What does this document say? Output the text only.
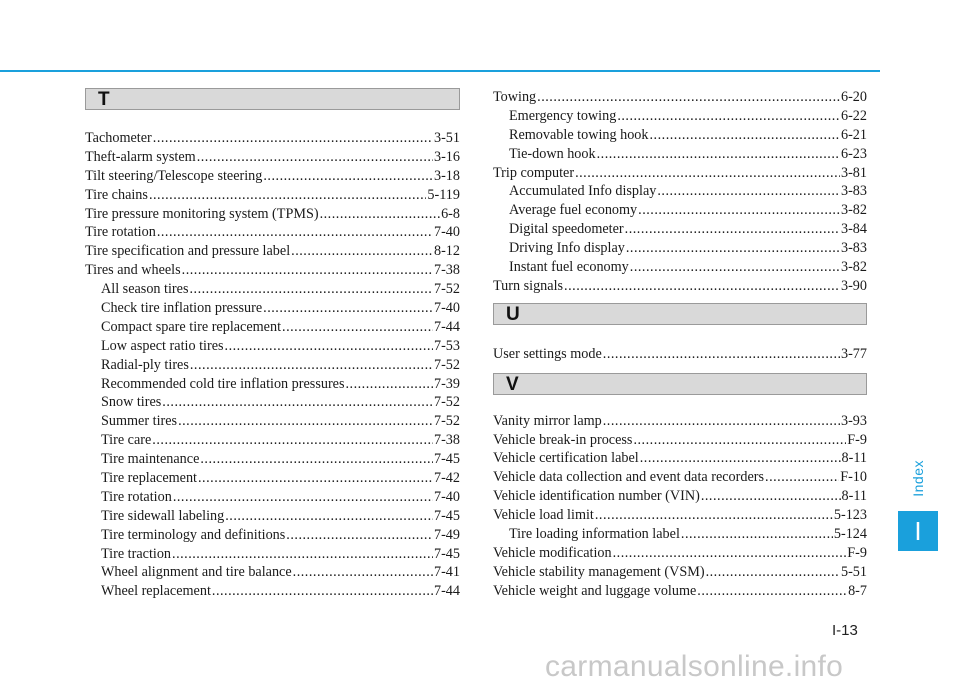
T
Tachometer .....	3-51
Theft-alarm system .....	3-16
Tilt steering/Telescope steering .....	3-18
Tire chains .....	5-119
Tire pressure monitoring system (TPMS) .....	6-8
Tire rotation .....	7-40
Tire specification and pressure label .....	8-12
Tires and wheels .....	7-38
All season tires .....	7-52
Check tire inflation pressure .....	7-40
Compact spare tire replacement .....	7-44
Low aspect ratio tires .....	7-53
Radial-ply tires .....	7-52
Recommended cold tire inflation pressures .....	7-39
Snow tires .....	7-52
Summer tires .....	7-52
Tire care .....	7-38
Tire maintenance .....	7-45
Tire replacement .....	7-42
Tire rotation .....	7-40
Tire sidewall labeling .....	7-45
Tire terminology and definitions .....	7-49
Tire traction .....	7-45
Wheel alignment and tire balance .....	7-41
Wheel replacement .....	7-44
Towing .....	6-20
Emergency towing .....	6-22
Removable towing hook .....	6-21
Tie-down hook .....	6-23
Trip computer .....	3-81
Accumulated Info display .....	3-83
Average fuel economy .....	3-82
Digital speedometer .....	3-84
Driving Info display .....	3-83
Instant fuel economy .....	3-82
Turn signals .....	3-90
U
User settings mode .....	3-77
V
Vanity mirror lamp .....	3-93
Vehicle break-in process .....	F-9
Vehicle certification label .....	8-11
Vehicle data collection and event data recorders .....	F-10
Vehicle identification number (VIN) .....	8-11
Vehicle load limit .....	5-123
Tire loading information label .....	5-124
Vehicle modification .....	F-9
Vehicle stability management (VSM) .....	5-51
Vehicle weight and luggage volume .....	8-7
Index
I
I-13
carmanualsonline.info
